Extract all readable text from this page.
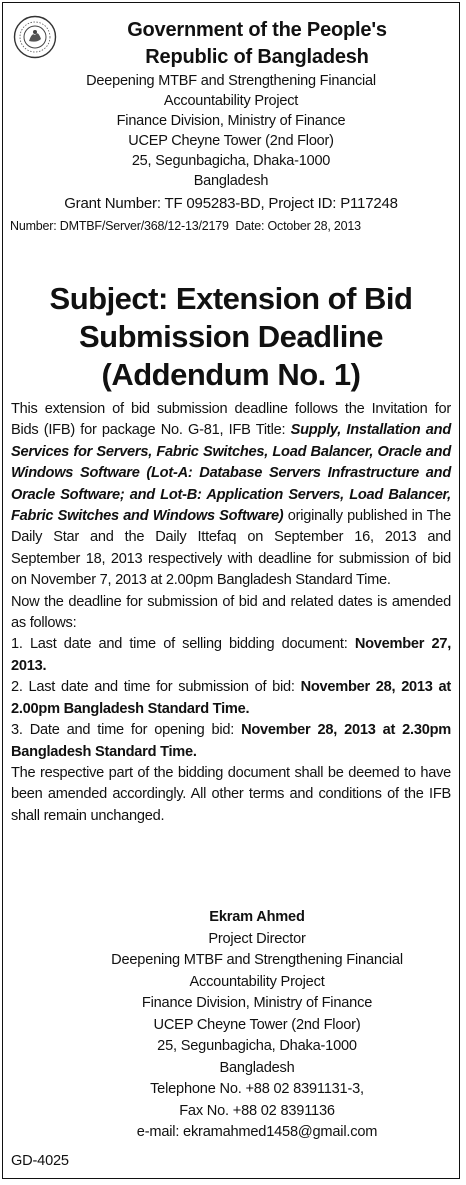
Government of the People's
Republic of Bangladesh
Deepening MTBF and Strengthening Financial
Accountability Project
Finance Division, Ministry of Finance
UCEP Cheyne Tower (2nd Floor)
25, Segunbagicha, Dhaka-1000
Bangladesh
Grant Number: TF 095283-BD, Project ID: P117248
Number: DMTBF/Server/368/12-13/2179 Date: October 28, 2013
Subject: Extension of Bid
Submission Deadline
(Addendum No. 1)

This extension of bid submission deadline follows the Invitation for Bids (IFB) for package No. G-81, IFB Title: Supply, Installation and Services for Servers, Fabric Switches, Load Balancer, Oracle and Windows Software (Lot-A: Database Servers Infrastructure and Oracle Software; and Lot-B: Application Servers, Load Balancer, Fabric Switches and Windows Software) originally published in The Daily Star and the Daily Ittefaq on September 16, 2013 and September 18, 2013 respectively with deadline for submission of bid on November 7, 2013 at 2.00pm Bangladesh Standard Time.

Now the deadline for submission of bid and related dates is amended as follows:

1. Last date and time of selling bidding document: November 27, 2013.

2. Last date and time for submission of bid: November 28, 2013 at 2.00pm Bangladesh Standard Time.

3. Date and time for opening bid: November 28, 2013 at 2.30pm Bangladesh Standard Time.

The respective part of the bidding document shall be deemed to have been amended accordingly. All other terms and conditions of the IFB shall remain unchanged.

Ekram Ahmed
Project Director
Deepening MTBF and Strengthening Financial
Accountability Project
Finance Division, Ministry of Finance
UCEP Cheyne Tower (2nd Floor)
25, Segunbagicha, Dhaka-1000
Bangladesh
Telephone No. +88 02 8391131-3,
Fax No. +88 02 8391136
e-mail: ekramahmed1458@gmail.com
GD-4025
